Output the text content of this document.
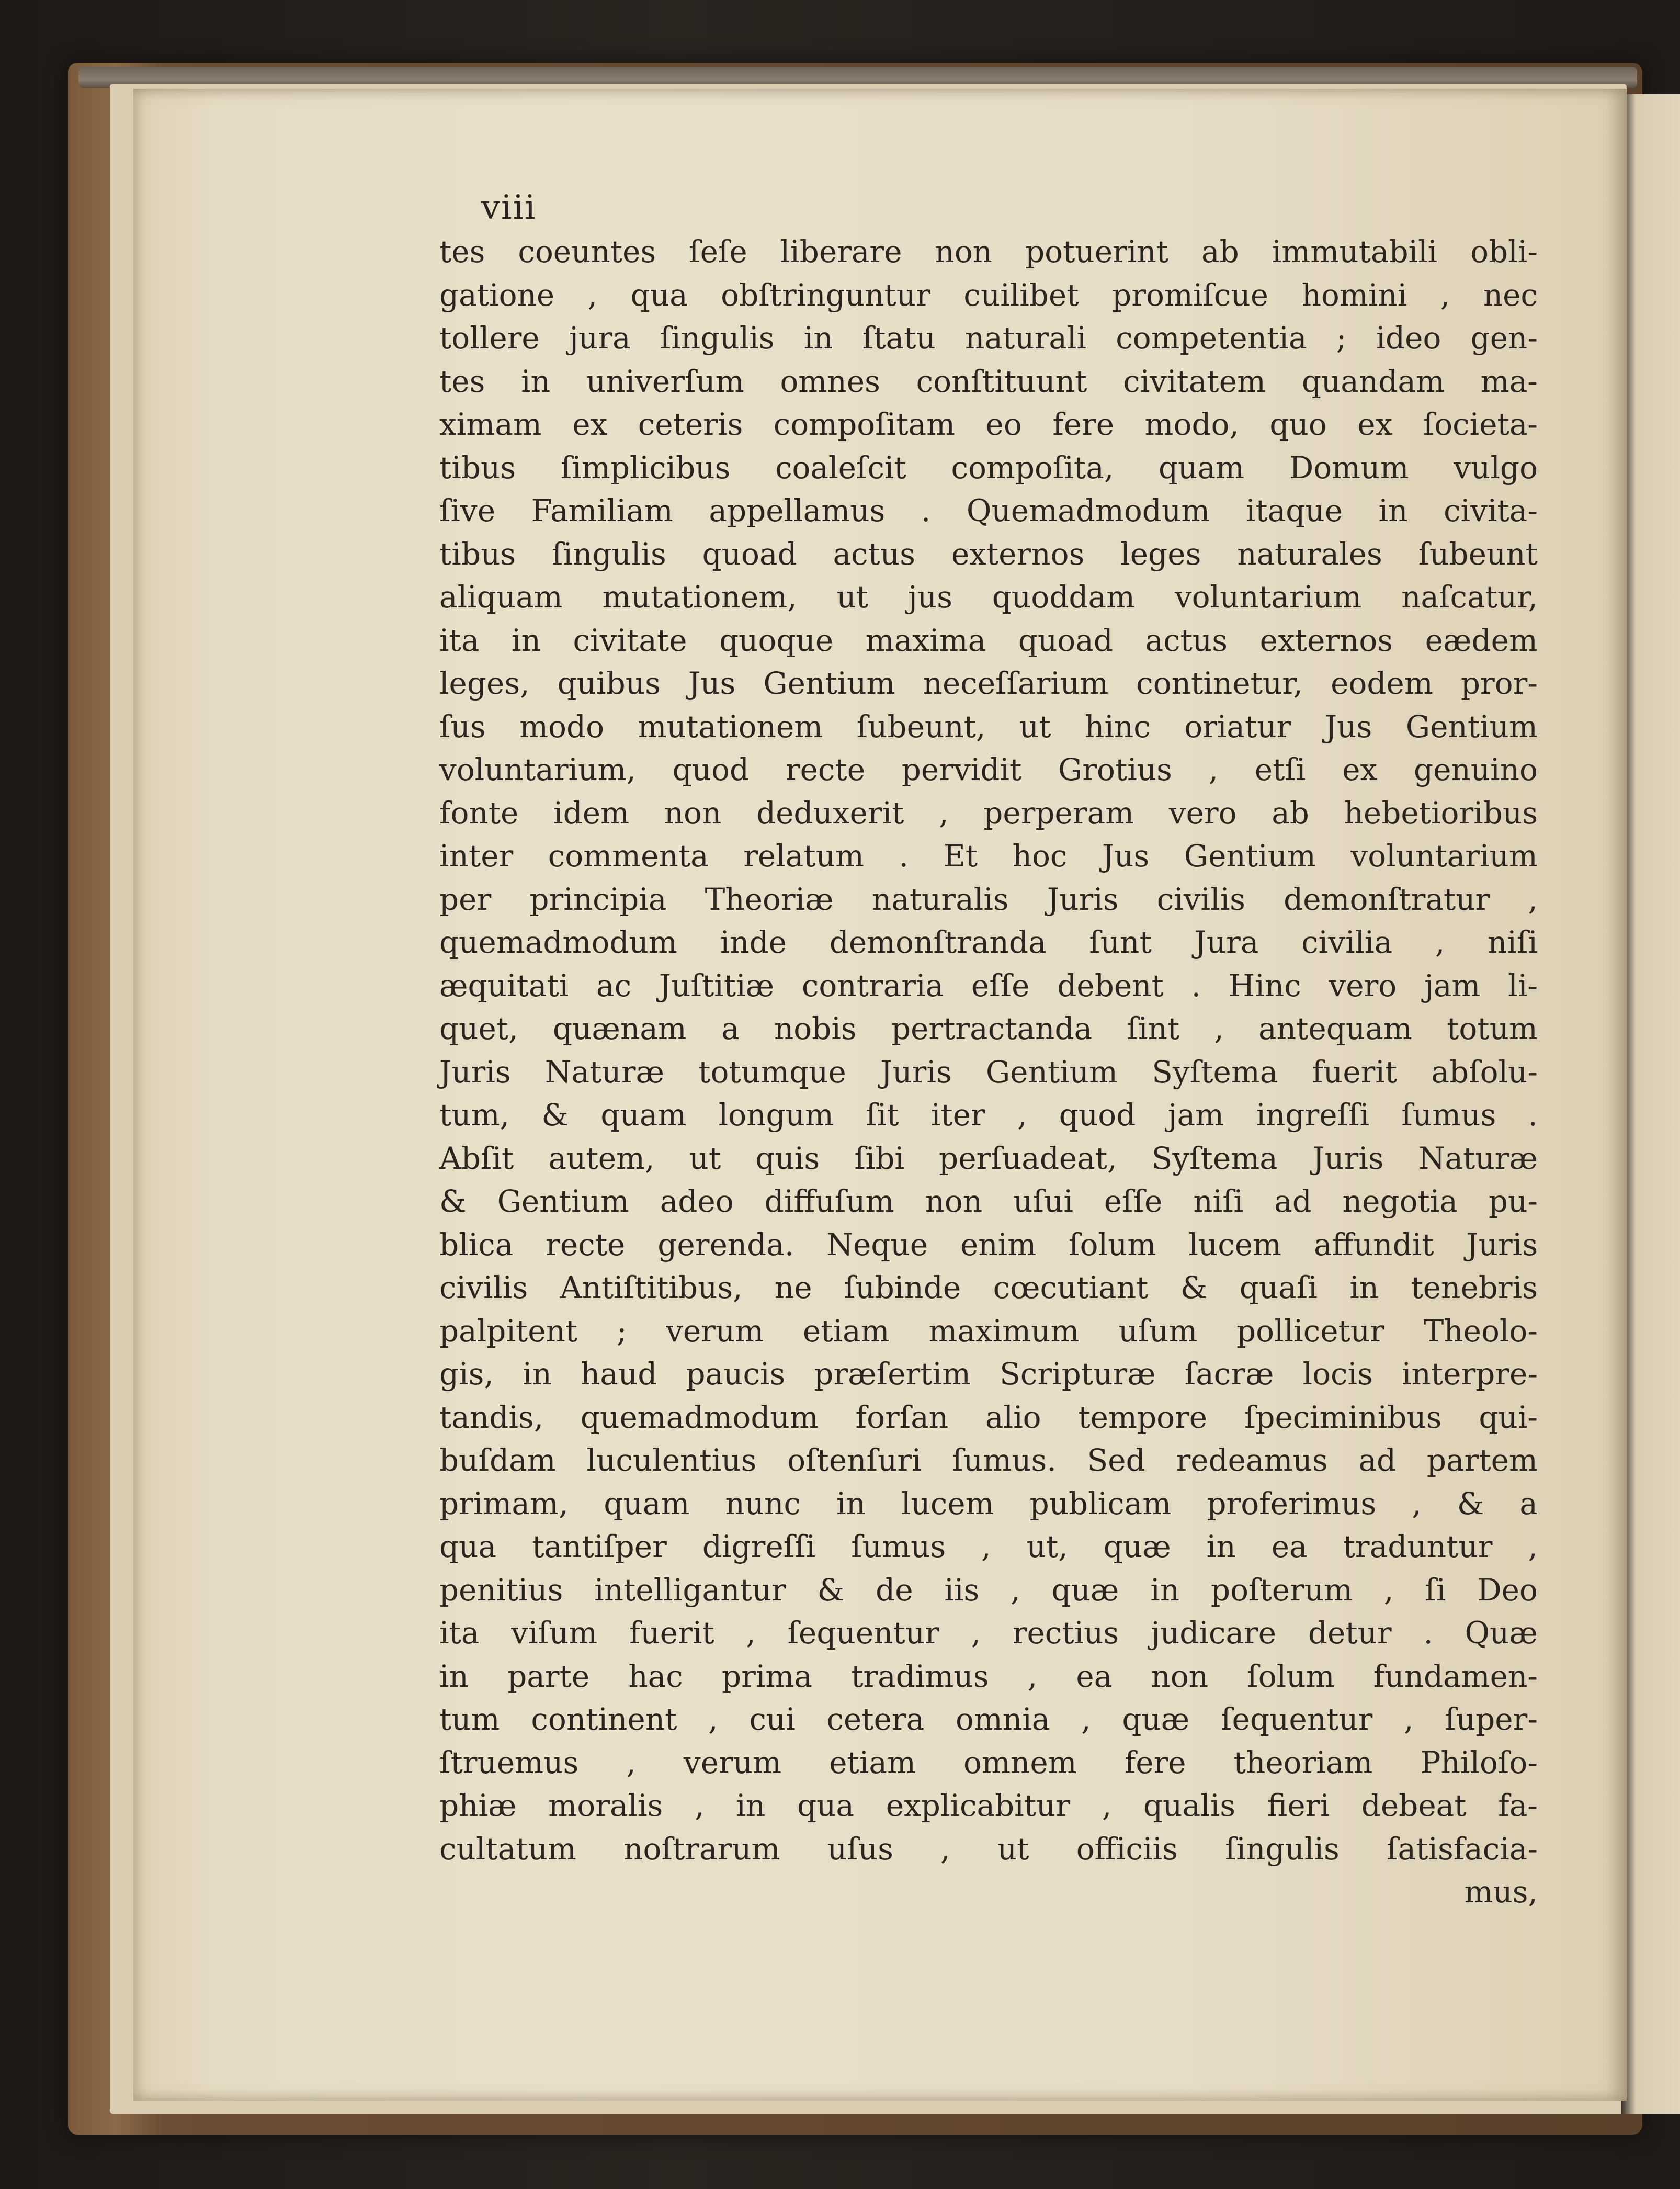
viii
tes coeuntes ſeſe liberare non potuerint ab immutabili obli-
gatione , qua obſtringuntur cuilibet promiſcue homini , nec
tollere jura ſingulis in ſtatu naturali competentia ; ideo gen-
tes in univerſum omnes conſtituunt civitatem quandam ma-
ximam ex ceteris compoſitam eo fere modo, quo ex ſocieta-
tibus ſimplicibus coaleſcit compoſita, quam Domum vulgo
ſive Familiam appellamus . Quemadmodum itaque in civita-
tibus ſingulis quoad actus externos leges naturales ſubeunt
aliquam mutationem, ut jus quoddam voluntarium naſcatur,
ita in civitate quoque maxima quoad actus externos eædem
leges, quibus Jus Gentium neceſſarium continetur, eodem pror-
ſus modo mutationem ſubeunt, ut hinc oriatur Jus Gentium
voluntarium, quod recte pervidit Grotius , etſi ex genuino
fonte idem non deduxerit , perperam vero ab hebetioribus
inter commenta relatum . Et hoc Jus Gentium voluntarium
per principia Theoriæ naturalis Juris civilis demonſtratur ,
quemadmodum inde demonſtranda ſunt Jura civilia , niſi
æquitati ac Juſtitiæ contraria eſſe debent . Hinc vero jam li-
quet, quænam a nobis pertractanda ſint , antequam totum
Juris Naturæ totumque Juris Gentium Syſtema fuerit abſolu-
tum, & quam longum ſit iter , quod jam ingreſſi ſumus .
Abſit autem, ut quis ſibi perſuadeat, Syſtema Juris Naturæ
& Gentium adeo diffuſum non uſui eſſe niſi ad negotia pu-
blica recte gerenda. Neque enim ſolum lucem affundit Juris
civilis Antiſtitibus, ne ſubinde cœcutiant & quaſi in tenebris
palpitent ; verum etiam maximum uſum pollicetur Theolo-
gis, in haud paucis præſertim Scripturæ ſacræ locis interpre-
tandis, quemadmodum forſan alio tempore ſpeciminibus qui-
buſdam luculentius oſtenſuri ſumus. Sed redeamus ad partem
primam, quam nunc in lucem publicam proferimus , & a
qua tantiſper digreſſi ſumus , ut, quæ in ea traduntur ,
penitius intelligantur & de iis , quæ in poſterum , ſi Deo
ita viſum fuerit , ſequentur , rectius judicare detur . Quæ
in parte hac prima tradimus , ea non ſolum fundamen-
tum continent , cui cetera omnia , quæ ſequentur , ſuper-
ſtruemus , verum etiam omnem fere theoriam Philoſo-
phiæ moralis , in qua explicabitur , qualis fieri debeat fa-
cultatum noſtrarum uſus , ut officiis ſingulis ſatisfacia-
mus,
